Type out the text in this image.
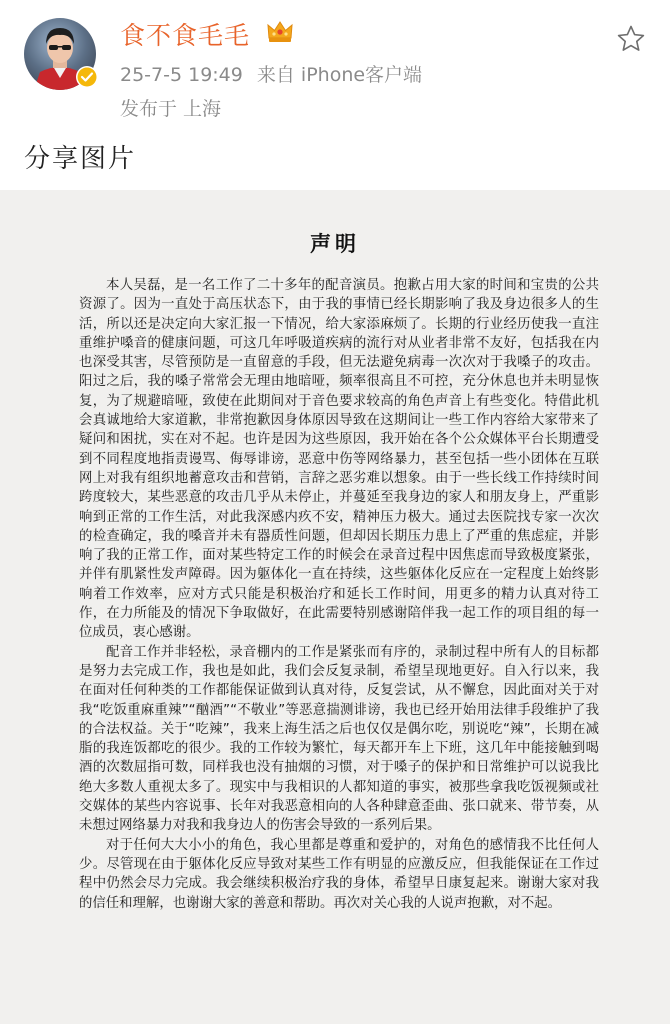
食不食毛毛
25-7-5 19:49 来自 iPhone客户端
发布于 上海
分享图片
声明

本人吴磊，是一名工作了二十多年的配音演员。抱歉占用大家的时间和宝贵的公共资源了。因为一直处于高压状态下，由于我的事情已经长期影响了我及身边很多人的生活，所以还是决定向大家汇报一下情况，给大家添麻烦了。长期的行业经历使我一直注重维护嗓音的健康问题，可这几年呼吸道疾病的流行对从业者非常不友好，包括我在内也深受其害，尽管预防是一直留意的手段，但无法避免病毒一次次对于我嗓子的攻击。阳过之后，我的嗓子常常会无理由地暗哑，频率很高且不可控，充分休息也并未明显恢复，为了规避暗哑，致使在此期间对于音色要求较高的角色声音上有些变化。特借此机会真诚地给大家道歉，非常抱歉因身体原因导致在这期间让一些工作内容给大家带来了疑问和困扰，实在对不起。也许是因为这些原因，我开始在各个公众媒体平台长期遭受到不同程度地指责谩骂、侮辱诽谤，恶意中伤等网络暴力，甚至包括一些小团体在互联网上对我有组织地蓄意攻击和营销，言辞之恶劣难以想象。由于一些长线工作持续时间跨度较大，某些恶意的攻击几乎从未停止，并蔓延至我身边的家人和朋友身上，严重影响到正常的工作生活，对此我深感内疚不安，精神压力极大。通过去医院找专家一次次的检查确定，我的嗓音并未有器质性问题，但却因长期压力患上了严重的焦虑症，并影响了我的正常工作，面对某些特定工作的时候会在录音过程中因焦虑而导致极度紧张，并伴有肌紧性发声障碍。因为躯体化一直在持续，这些躯体化反应在一定程度上始终影响着工作效率，应对方式只能是积极治疗和延长工作时间，用更多的精力认真对待工作，在力所能及的情况下争取做好，在此需要特别感谢陪伴我一起工作的项目组的每一位成员，衷心感谢。

配音工作并非轻松，录音棚内的工作是紧张而有序的，录制过程中所有人的目标都是努力去完成工作，我也是如此，我们会反复录制，希望呈现地更好。自入行以来，我在面对任何种类的工作都能保证做到认真对待，反复尝试，从不懈怠，因此面对关于对我“吃饭重麻重辣”“酗酒”“不敬业”等恶意揣测诽谤，我也已经开始用法律手段维护了我的合法权益。关于“吃辣”，我来上海生活之后也仅仅是偶尔吃，别说吃“辣”，长期在减脂的我连饭都吃的很少。我的工作较为繁忙，每天都开车上下班，这几年中能接触到喝酒的次数屈指可数，同样我也没有抽烟的习惯，对于嗓子的保护和日常维护可以说我比绝大多数人重视太多了。现实中与我相识的人都知道的事实，被那些拿我吃饭视频或社交媒体的某些内容说事、长年对我恶意相向的人各种肆意歪曲、张口就来、带节奏，从未想过网络暴力对我和我身边人的伤害会导致的一系列后果。

对于任何大大小小的角色，我心里都是尊重和爱护的，对角色的感情我不比任何人少。尽管现在由于躯体化反应导致对某些工作有明显的应激反应，但我能保证在工作过程中仍然会尽力完成。我会继续积极治疗我的身体，希望早日康复起来。谢谢大家对我的信任和理解，也谢谢大家的善意和帮助。再次对关心我的人说声抱歉，对不起。
